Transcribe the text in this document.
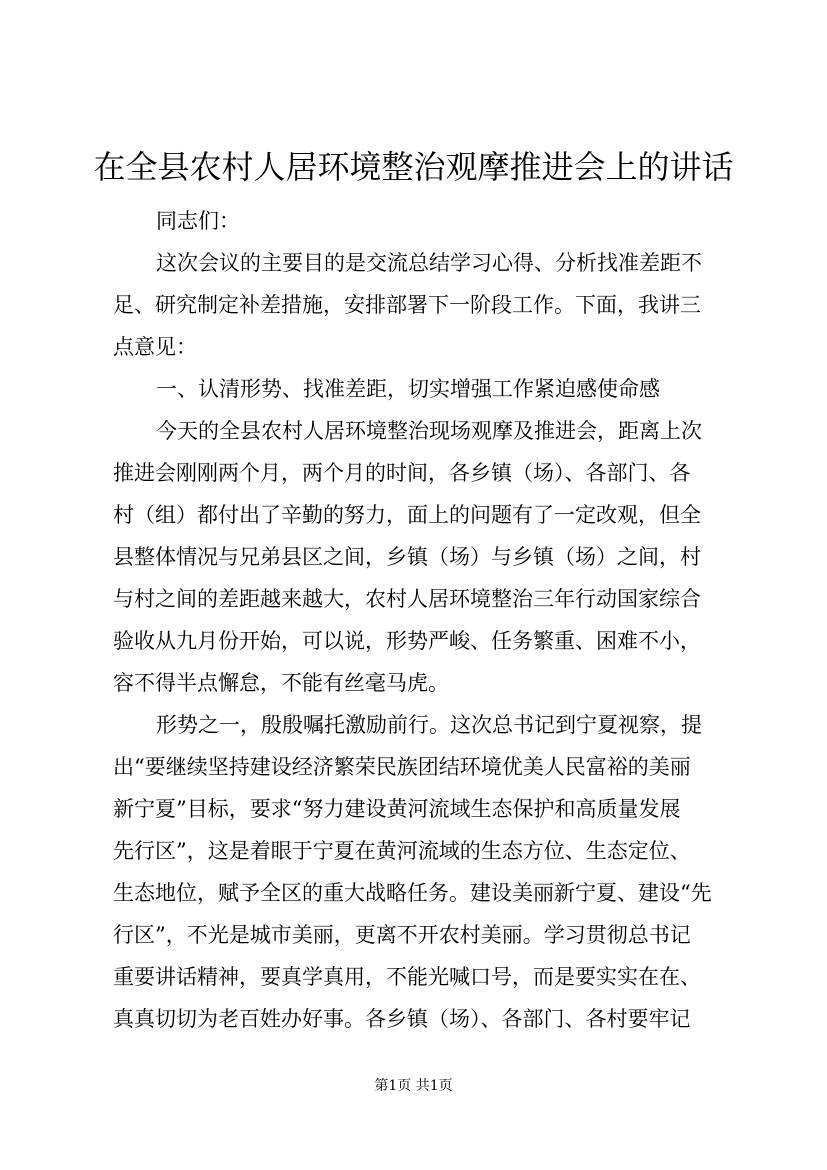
在全县农村人居环境整治观摩推进会上的讲话
同志们：
这次会议的主要目的是交流总结学习心得、分析找准差距不
足、研究制定补差措施，安排部署下一阶段工作。下面，我讲三
点意见：
一、认清形势、找准差距，切实增强工作紧迫感使命感
今天的全县农村人居环境整治现场观摩及推进会，距离上次
推进会刚刚两个月，两个月的时间，各乡镇（场）、各部门、各
村（组）都付出了辛勤的努力，面上的问题有了一定改观，但全
县整体情况与兄弟县区之间，乡镇（场）与乡镇（场）之间，村
与村之间的差距越来越大，农村人居环境整治三年行动国家综合
验收从九月份开始，可以说，形势严峻、任务繁重、困难不小，
容不得半点懈怠，不能有丝毫马虎。
形势之一，殷殷嘱托激励前行。这次总书记到宁夏视察，提
出“要继续坚持建设经济繁荣民族团结环境优美人民富裕的美丽
新宁夏”目标，要求“努力建设黄河流域生态保护和高质量发展
先行区”，这是着眼于宁夏在黄河流域的生态方位、生态定位、
生态地位，赋予全区的重大战略任务。建设美丽新宁夏、建设“先
行区”，不光是城市美丽，更离不开农村美丽。学习贯彻总书记
重要讲话精神，要真学真用，不能光喊口号，而是要实实在在、
真真切切为老百姓办好事。各乡镇（场）、各部门、各村要牢记
第1页 共1页
